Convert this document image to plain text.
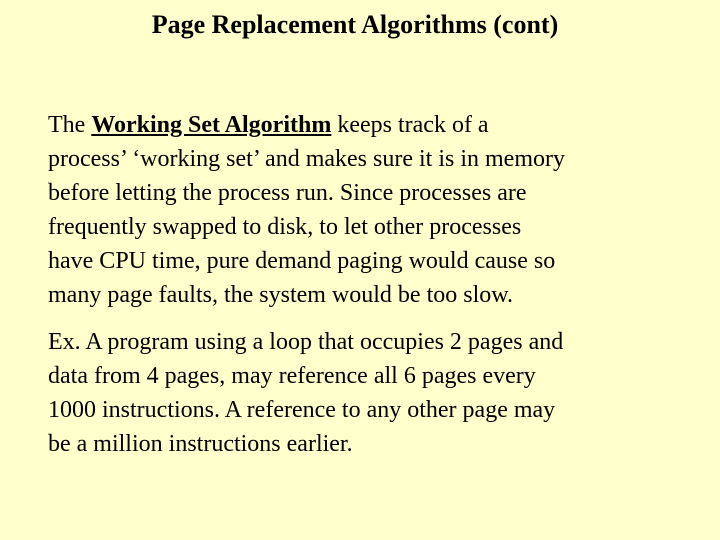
Page Replacement Algorithms (cont)
The Working Set Algorithm keeps track of a
process’ ‘working set’ and makes sure it is in memory
before letting the process run. Since processes are
frequently swapped to disk, to let other processes
have CPU time, pure demand paging would cause so
many page faults, the system would be too slow.
Ex. A program using a loop that occupies 2 pages and
data from 4 pages, may reference all 6 pages every
1000 instructions. A reference to any other page may
be a million instructions earlier.
